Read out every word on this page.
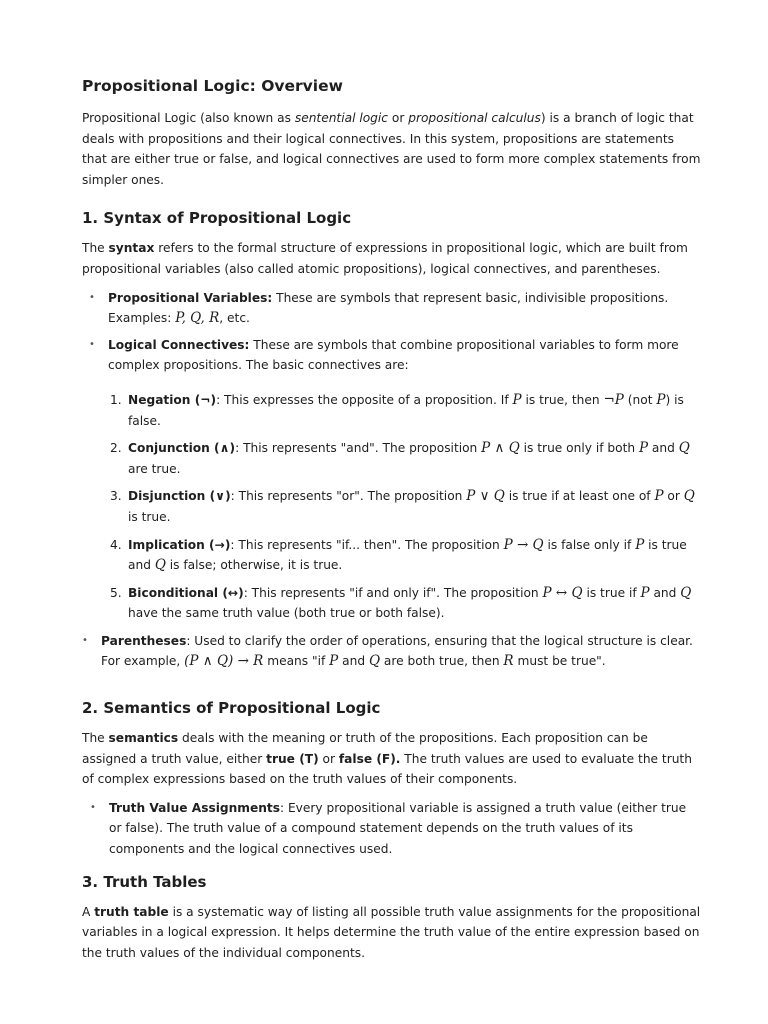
Propositional Logic: Overview

Propositional Logic (also known as sentential logic or propositional calculus) is a branch of logic that deals with propositions and their logical connectives. In this system, propositions are statements that are either true or false, and logical connectives are used to form more complex statements from simpler ones.

1. Syntax of Propositional Logic

The syntax refers to the formal structure of expressions in propositional logic, which are built from propositional variables (also called atomic propositions), logical connectives, and parentheses.

• Propositional Variables: These are symbols that represent basic, indivisible propositions. Examples: P, Q, R, etc.
• Logical Connectives: These are symbols that combine propositional variables to form more complex propositions. The basic connectives are:
1. Negation (¬): This expresses the opposite of a proposition. If P is true, then ¬P (not P) is false.
2. Conjunction (∧): This represents "and". The proposition P ∧ Q is true only if both P and Q are true.
3. Disjunction (∨): This represents "or". The proposition P ∨ Q is true if at least one of P or Q is true.
4. Implication (→): This represents "if... then". The proposition P → Q is false only if P is true and Q is false; otherwise, it is true.
5. Biconditional (↔): This represents "if and only if". The proposition P ↔ Q is true if P and Q have the same truth value (both true or both false).
• Parentheses: Used to clarify the order of operations, ensuring that the logical structure is clear. For example, (P ∧ Q) → R means "if P and Q are both true, then R must be true".
2. Semantics of Propositional Logic

The semantics deals with the meaning or truth of the propositions. Each proposition can be assigned a truth value, either true (T) or false (F). The truth values are used to evaluate the truth of complex expressions based on the truth values of their components.

• Truth Value Assignments: Every propositional variable is assigned a truth value (either true or false). The truth value of a compound statement depends on the truth values of its components and the logical connectives used.
3. Truth Tables

A truth table is a systematic way of listing all possible truth value assignments for the propositional variables in a logical expression. It helps determine the truth value of the entire expression based on the truth values of the individual components.
